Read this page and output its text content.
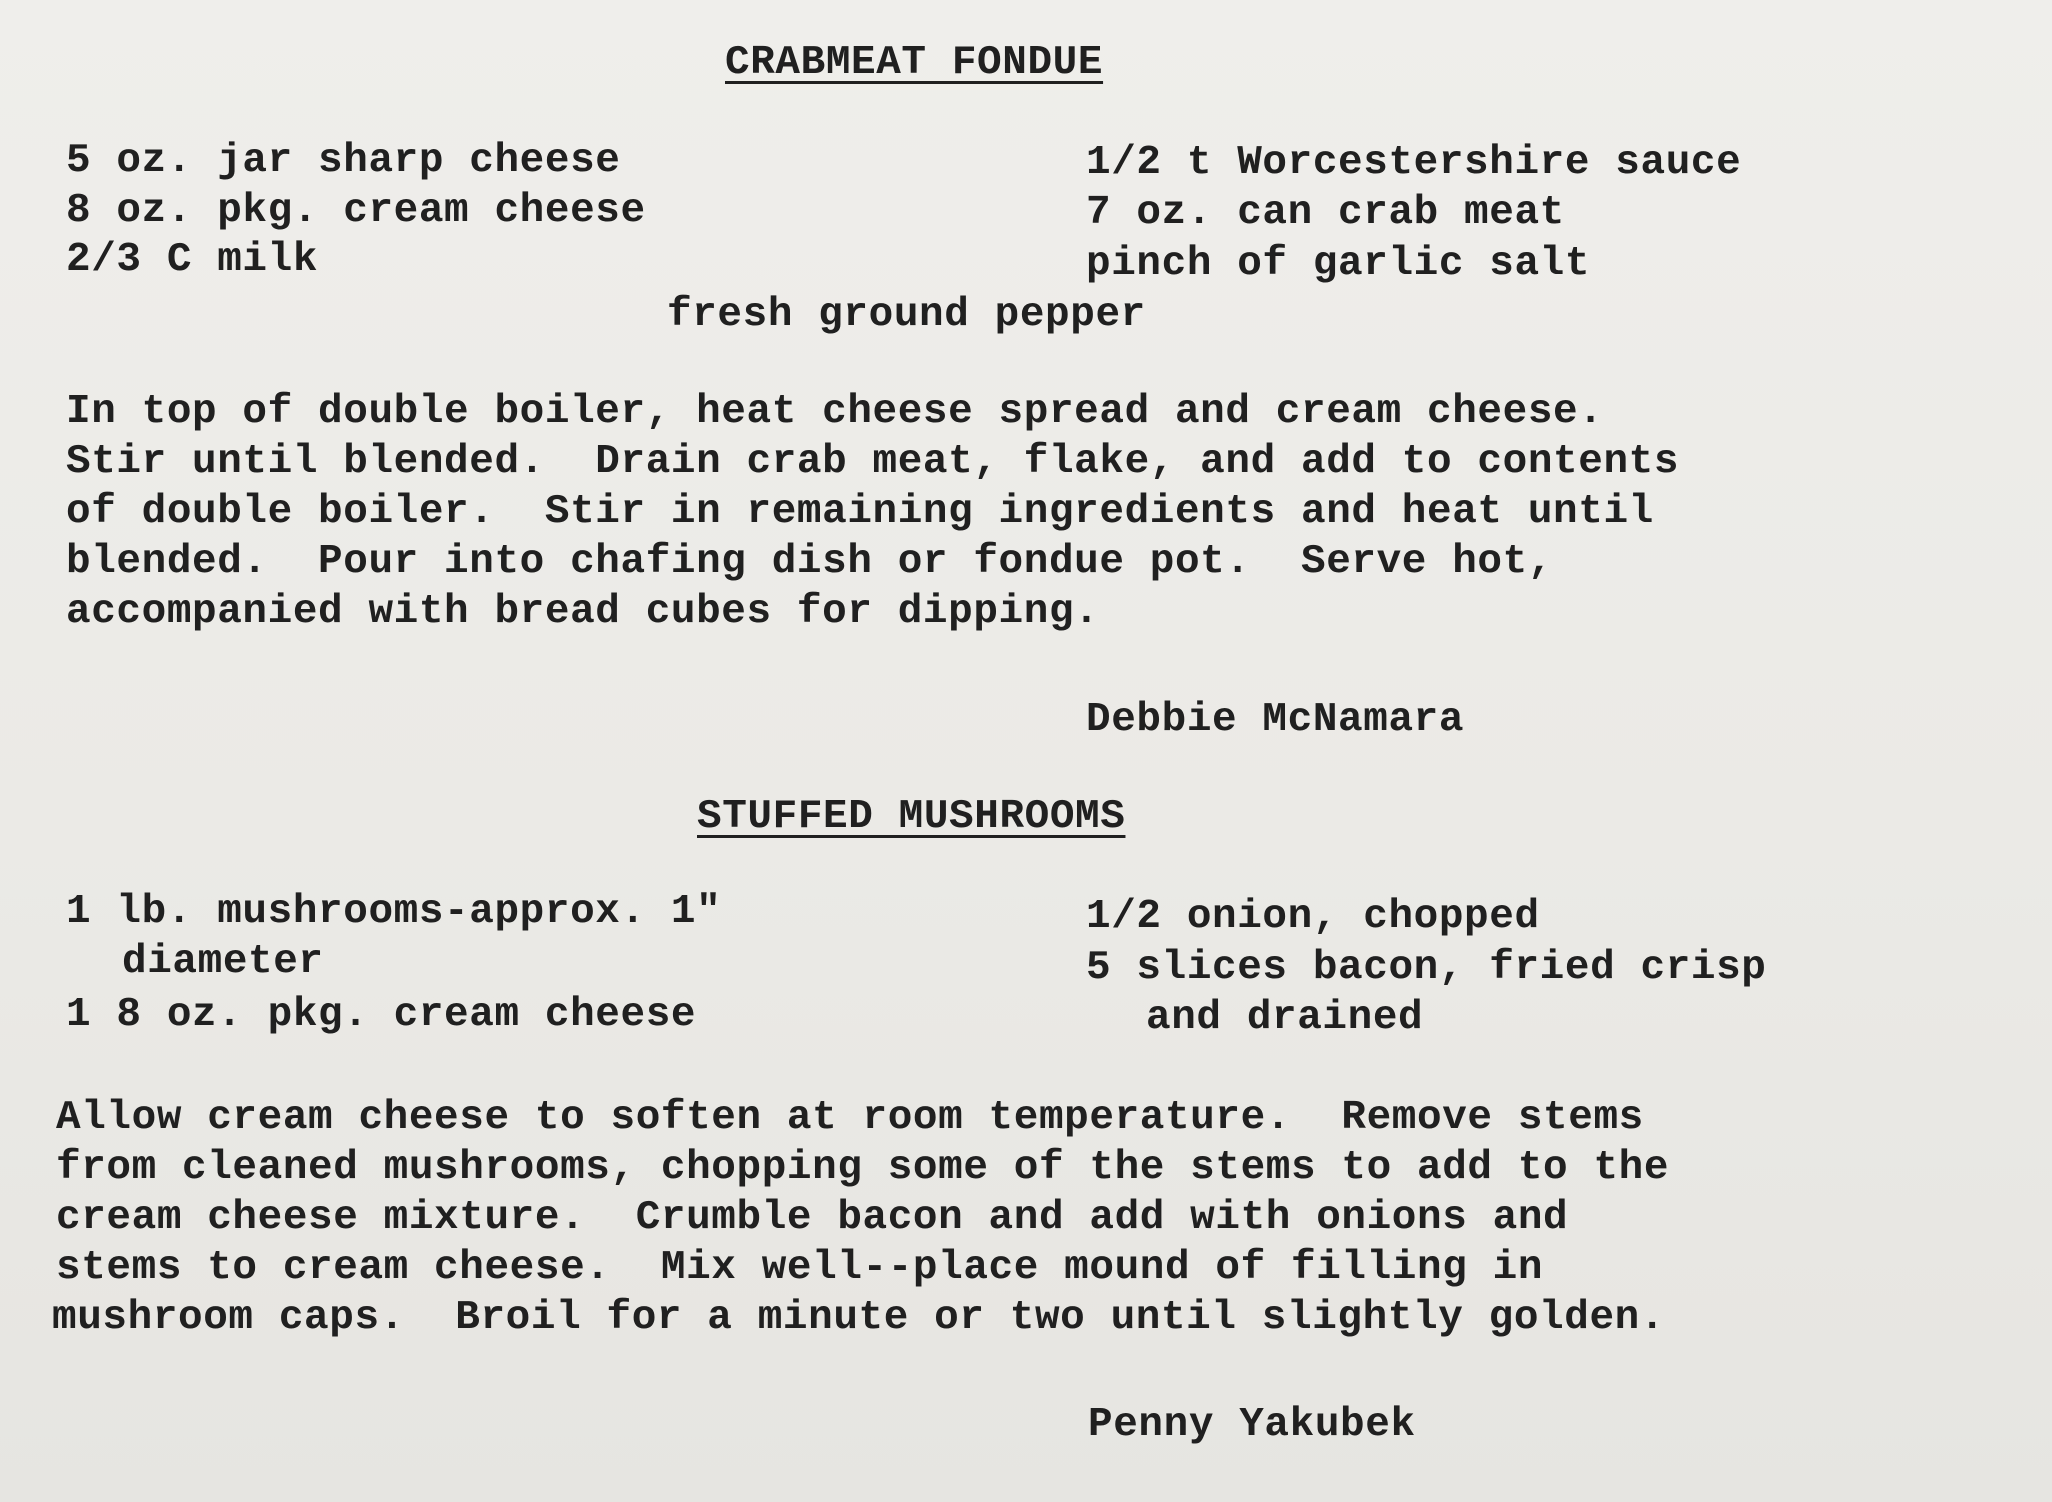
CRABMEAT FONDUE
5 oz. jar sharp cheese
8 oz. pkg. cream cheese
2/3 C milk
1/2 t Worcestershire sauce
7 oz. can crab meat
pinch of garlic salt
fresh ground pepper
In top of double boiler, heat cheese spread and cream cheese.
Stir until blended.  Drain crab meat, flake, and add to contents
of double boiler.  Stir in remaining ingredients and heat until
blended.  Pour into chafing dish or fondue pot.  Serve hot,
accompanied with bread cubes for dipping.
Debbie McNamara
STUFFED MUSHROOMS
1 lb. mushrooms-approx. 1"
diameter
1 8 oz. pkg. cream cheese
1/2 onion, chopped
5 slices bacon, fried crisp
and drained
Allow cream cheese to soften at room temperature.  Remove stems
from cleaned mushrooms, chopping some of the stems to add to the
cream cheese mixture.  Crumble bacon and add with onions and
stems to cream cheese.  Mix well--place mound of filling in
mushroom caps.  Broil for a minute or two until slightly golden.
Penny Yakubek
